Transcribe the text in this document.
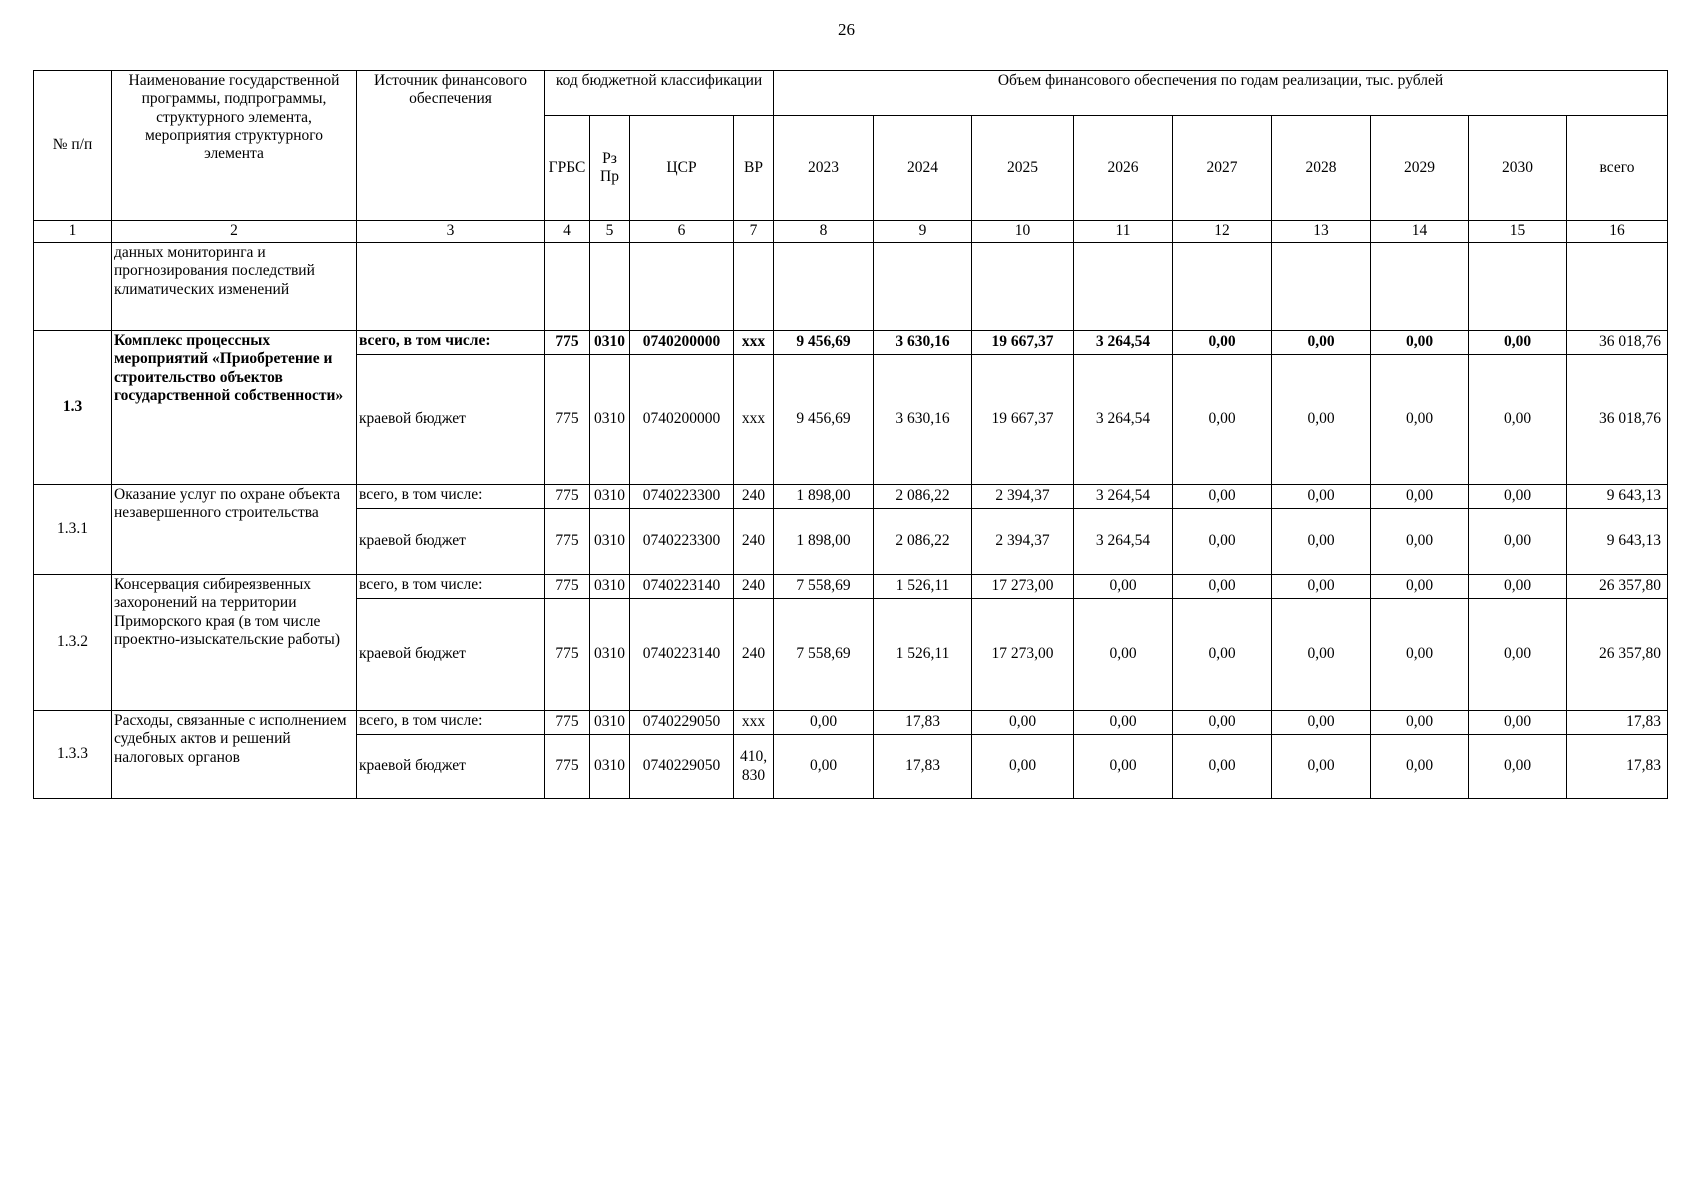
26
№ п/п	Наименование государственной программы, подпрограммы, структурного элемента, мероприятия структурного элемента	Источник финансового обеспечения	код бюджетной классификации				Объем финансового обеспечения по годам реализации, тыс. рублей								
			ГРБС	Рз Пр	ЦСР	ВР	2023	2024	2025	2026	2027	2028	2029	2030	всего
1	2	3	4	5	6	7	8	9	10	11	12	13	14	15	16
	данных мониторинга и прогнозирования последствий климатических изменений														
1.3	Комплекс процессных мероприятий «Приобретение и строительство объектов государственной собственности»	всего, в том числе:	775	0310	0740200000	ххх	9 456,69	3 630,16	19 667,37	3 264,54	0,00	0,00	0,00	0,00	36 018,76
		краевой бюджет	775	0310	0740200000	ххх	9 456,69	3 630,16	19 667,37	3 264,54	0,00	0,00	0,00	0,00	36 018,76
1.3.1	Оказание услуг по охране объекта незавершенного строительства	всего, в том числе:	775	0310	0740223300	240	1 898,00	2 086,22	2 394,37	3 264,54	0,00	0,00	0,00	0,00	9 643,13
		краевой бюджет	775	0310	0740223300	240	1 898,00	2 086,22	2 394,37	3 264,54	0,00	0,00	0,00	0,00	9 643,13
1.3.2	Консервация сибиреязвенных захоронений на территории Приморского края (в том числе проектно-изыскательские работы)	всего, в том числе:	775	0310	0740223140	240	7 558,69	1 526,11	17 273,00	0,00	0,00	0,00	0,00	0,00	26 357,80
		краевой бюджет	775	0310	0740223140	240	7 558,69	1 526,11	17 273,00	0,00	0,00	0,00	0,00	0,00	26 357,80
1.3.3	Расходы, связанные с исполнением судебных актов и решений налоговых органов	всего, в том числе:	775	0310	0740229050	ххх	0,00	17,83	0,00	0,00	0,00	0,00	0,00	0,00	17,83
		краевой бюджет	775	0310	0740229050	410, 830	0,00	17,83	0,00	0,00	0,00	0,00	0,00	0,00	17,83
